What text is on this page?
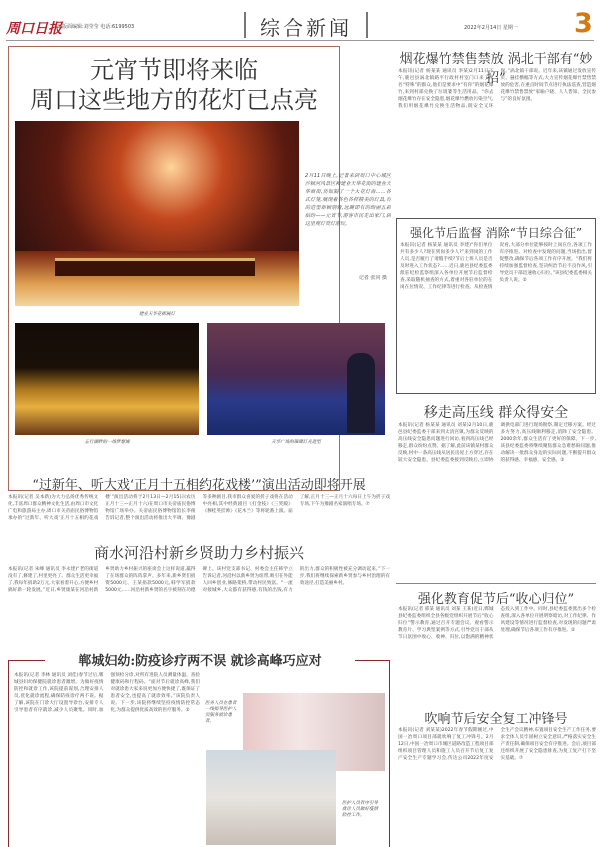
周口日报 版面编辑:刘莹莹 电话:6199503	综合新闻	2022年2月14日 星期一 3
元宵节即将来临
周口这些地方的花灯已点亮
2月11日晚上,记者来到周口中心城区沙颍河风景区和建业天华花街的建业天华商街,仿如隔了一个大花灯海……各式灯笼,展现着各色各样精美的灯具,有的造型新颖别致,远眺即有的绚丽五彩缤纷——元宵节,游客市民走出家门,到这里观灯赏灯游玩。
记者 张同 摄
建业天华花街展灯
五行湖畔的一场梦想城	天华广场的璀璨灯光造型
“过新年、听大戏‘正月十五相约花戏楼’”演出活动即将开展
本报讯(记者 吴本新)为大力弘扬优秀传统文化,丰富周口群众精神文化生活,由周口市文化广电和旅游局主办,周口市关帝庙民俗博物馆承办的“过新年、听大戏‘正月十五相约花戏楼’”演出活动将于2月13日—2月15日(农历正月十三—正月十六)在周口市关帝庙民俗博物馆广场举办。关帝庙民俗博物馆馆长李俊告诉记者,整个演出活动将推出大平调、豫剧等多种剧目,我市群众喜爱的折子戏将在活动中亮相,其中经典剧目《打金枝》《三哭殿》《穆桂英挂帅》《花木兰》等将轮番上演。届了解,正月十三—正月十六每日上午为折子戏专场,下午为豫剧名家演唱专场。⑦
商水河沿村新乡贤助力乡村振兴
本报讯(记者 朱峰 通讯员 李永建)“老的街道没有了,修建了,村里更亮了。群众生活更幸福了,我每年捐助2万元,大家看着开心,方便乡村搞好新一轮发展。”近日,乡贤康某在河沿村新乡贤助力乡村振兴的座谈会上这样说道,赢得了在场群众的阵阵掌声。多年来,新乡贤们捐资5000元、王某捐款5000元,韩学军捐款5000元……河沿村新乡贤的名字被刻在功德碑上。该村党支部书记、村委会主任韩学立告诉记者,河沿村以新乡贤为纽带,吸引在外能人回乡创业,修路架桥,带动村民致富。“一流对接城乡,大众都有获得感,有钱的出钱,有力的出力,群众的积极性被充分调动起来。”下一步,我们将继续探索新乡贤参与乡村治理的有效途径,打造美丽乡村。
郸城妇幼:防疫诊疗两不误 就诊高峰巧应对
本报讯(记者 李林 通讯员 刘佳)春节过后,郸城县妇幼保健院就诊患者激增。为做好疫情防控和就诊工作,该院提前谋划,合理安排人员,优化就诊流程,确保防疫诊疗两不误。据了解,该院在门诊大厅设置导诊台,安排专人引导患者有序就诊,减少人员聚集。同时,加强预检分诊,对所有进院人员测量体温、查验健康码和行程码。“面对节后就诊高峰,我们对就诊患大家来说更加方便快捷了,既保证了患者安全,也提高了就诊效率。”该院负责人说。下一步,该院将继续坚持疫情防控常态化,为群众提供优质高效的医疗服务。②
医务人员在患者一线指导医护人员服务就诊患者。
医护人员有序引导就诊人员做好疫情防控工作。
烟花爆竹禁售禁放 涡北干部有“妙招”
本报讯(记者 杨某某 通讯员 李某)2月11日下午,鹿邑县涡北镇路平行政村村室门口来了几名“特殊”的群众,他们是要求中“有你”的烟花爆竹,来到村部兑换了垃圾篓等生活用品。“你去烟花爆竹存在安全隐患,烟花爆竹燃放污染空气,我们用烟花爆竹兑换生活物品,既安全又环保。”涡北镇干部说。近年来,该镇通过发放宣传页、悬挂横幅等方式,大力宣传烟花爆竹禁售禁放的危害,在重点时间节点进行执法巡查,营造烟花爆竹禁售禁放“家喻户晓、人人皆知、全民参与”的良好氛围。
强化节后监督 消除“节日综合征”
本报讯(记者 杨某某 通讯员 李建)“你们单位共有多少人?现在到岗多少人?”来到岗的工作人员,是否履行了请假手续?节后上班人员是否及时进入工作状态?……近日,鹿邑县纪委监委派驻纪检监察组深入各单位开展节后监督检查,采取随机抽查的方式,着重对各驻单位的在岗在位情况、工作纪律等进行检查。从检查情况看,大部分单位能够按时上岗在位,各项工作有序推进。对检查中发现的问题,当场指出,督促整改,确保节后各项工作有序开展。“我们将持续加强监督检查,坚决纠治节后不良作风,引导党员干部迅速收心归位。”该县纪委监委相关负责人说。②
移走高压线 群众得安全
本报讯(记者 杨某某 通讯员 刘某)2月10日,鹿邑县纪委监委干部来到太清宫镇,为群众反映的高压线安全隐患问题进行回访,看到高压线已经移走,群众纷纷点赞。据了解,此前该镇某村群众反映,村中一条高压线从居民房屋上方穿过,存在较大安全隐患。县纪委监委接到反映后,立即协调供电部门进行现场勘察,制定迁移方案。经过多方努力,高压线顺利移走,消除了安全隐患。2000余年,群众生活有了更好的保障。下一步,该县纪委监委将继续聚焦群众急难愁盼问题,推动解决一批群众身边的实际问题,不断提升群众的获得感、幸福感、安全感。②
强化教育促节后“收心归位”
本报讯(记者 邢某 通讯员 刘某 王某)近日,郸城县纪委监委组织全县各级党组织开展节后“收心归位”警示教育,通过召开专题会议、观看警示教育片、学习典型案例等方式,引导党员干部从节日氛围中收心、收神、归位,以饱满的精神状态投入到工作中。同时,县纪委监委派出多个检查组,深入各单位开展明察暗访,对工作纪律、作风建设等情况进行监督检查,对发现的问题严肃处理,确保节后各项工作有序推进。②
吹响节后安全复工冲锋号
本报讯(记者 刘某某)2022年春节假期刚过,中国一冶周口项目部就吹响了复工冲锋号。2月12日,中国一冶周口市城区道路改造工程项目部组织项目管理人员和施工人员召开节后复工复产安全生产专题学习会,传达公司2022年度安全生产会议精神,布置项目安全生产工作任务,要求全体人员牢固树立安全意识,严格落实安全生产责任制,确保项目安全有序推进。会后,项目部还组织开展了安全隐患排查,为复工复产打下坚实基础。⑦
